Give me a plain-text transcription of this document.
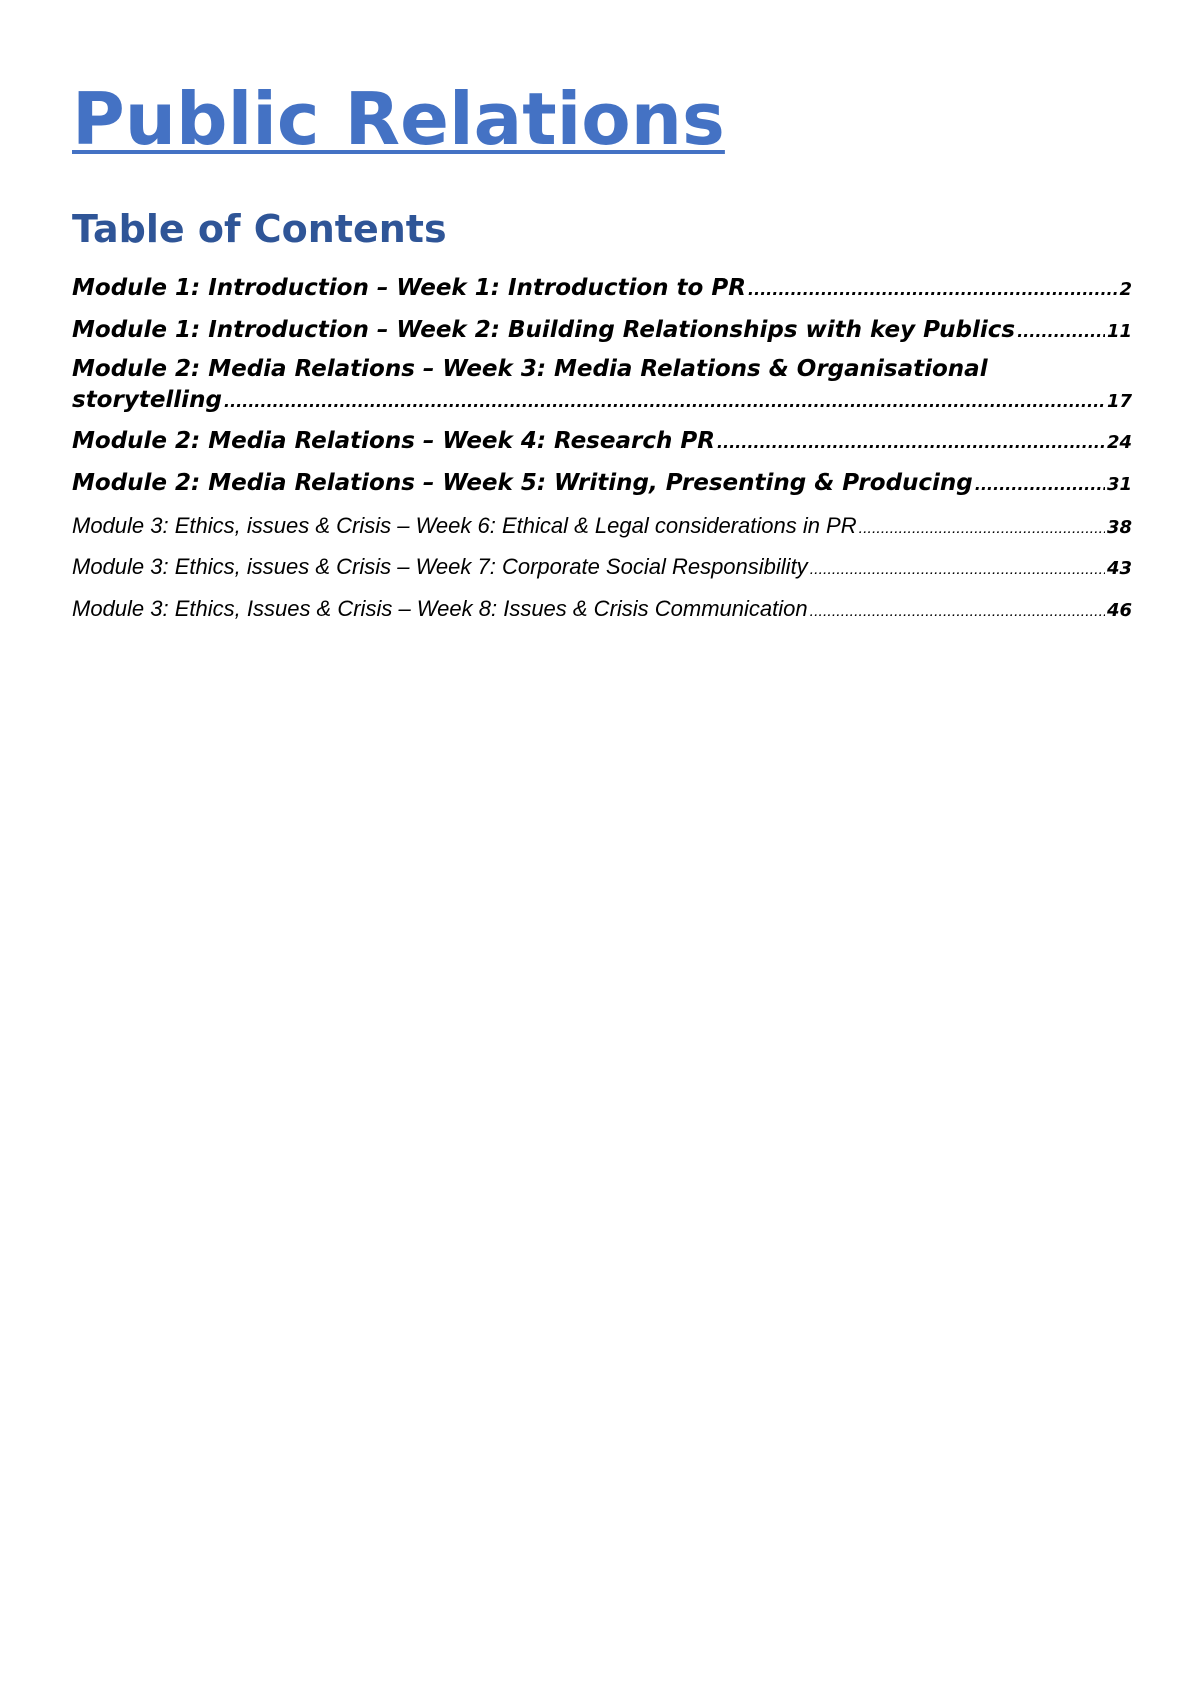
Public Relations
Table of Contents
Module 1: Introduction – Week 1: Introduction to PR .....	2
Module 1: Introduction – Week 2: Building Relationships with key Publics .....	11
Module 2: Media Relations – Week 3: Media Relations & Organisational
storytelling .....	17
Module 2: Media Relations – Week 4: Research PR .....	24
Module 2: Media Relations – Week 5: Writing, Presenting & Producing .....	31
Module 3: Ethics, issues & Crisis – Week 6: Ethical & Legal considerations in PR .....	38
Module 3: Ethics, issues & Crisis – Week 7: Corporate Social Responsibility .....	43
Module 3: Ethics, Issues & Crisis – Week 8: Issues & Crisis Communication .....	46
